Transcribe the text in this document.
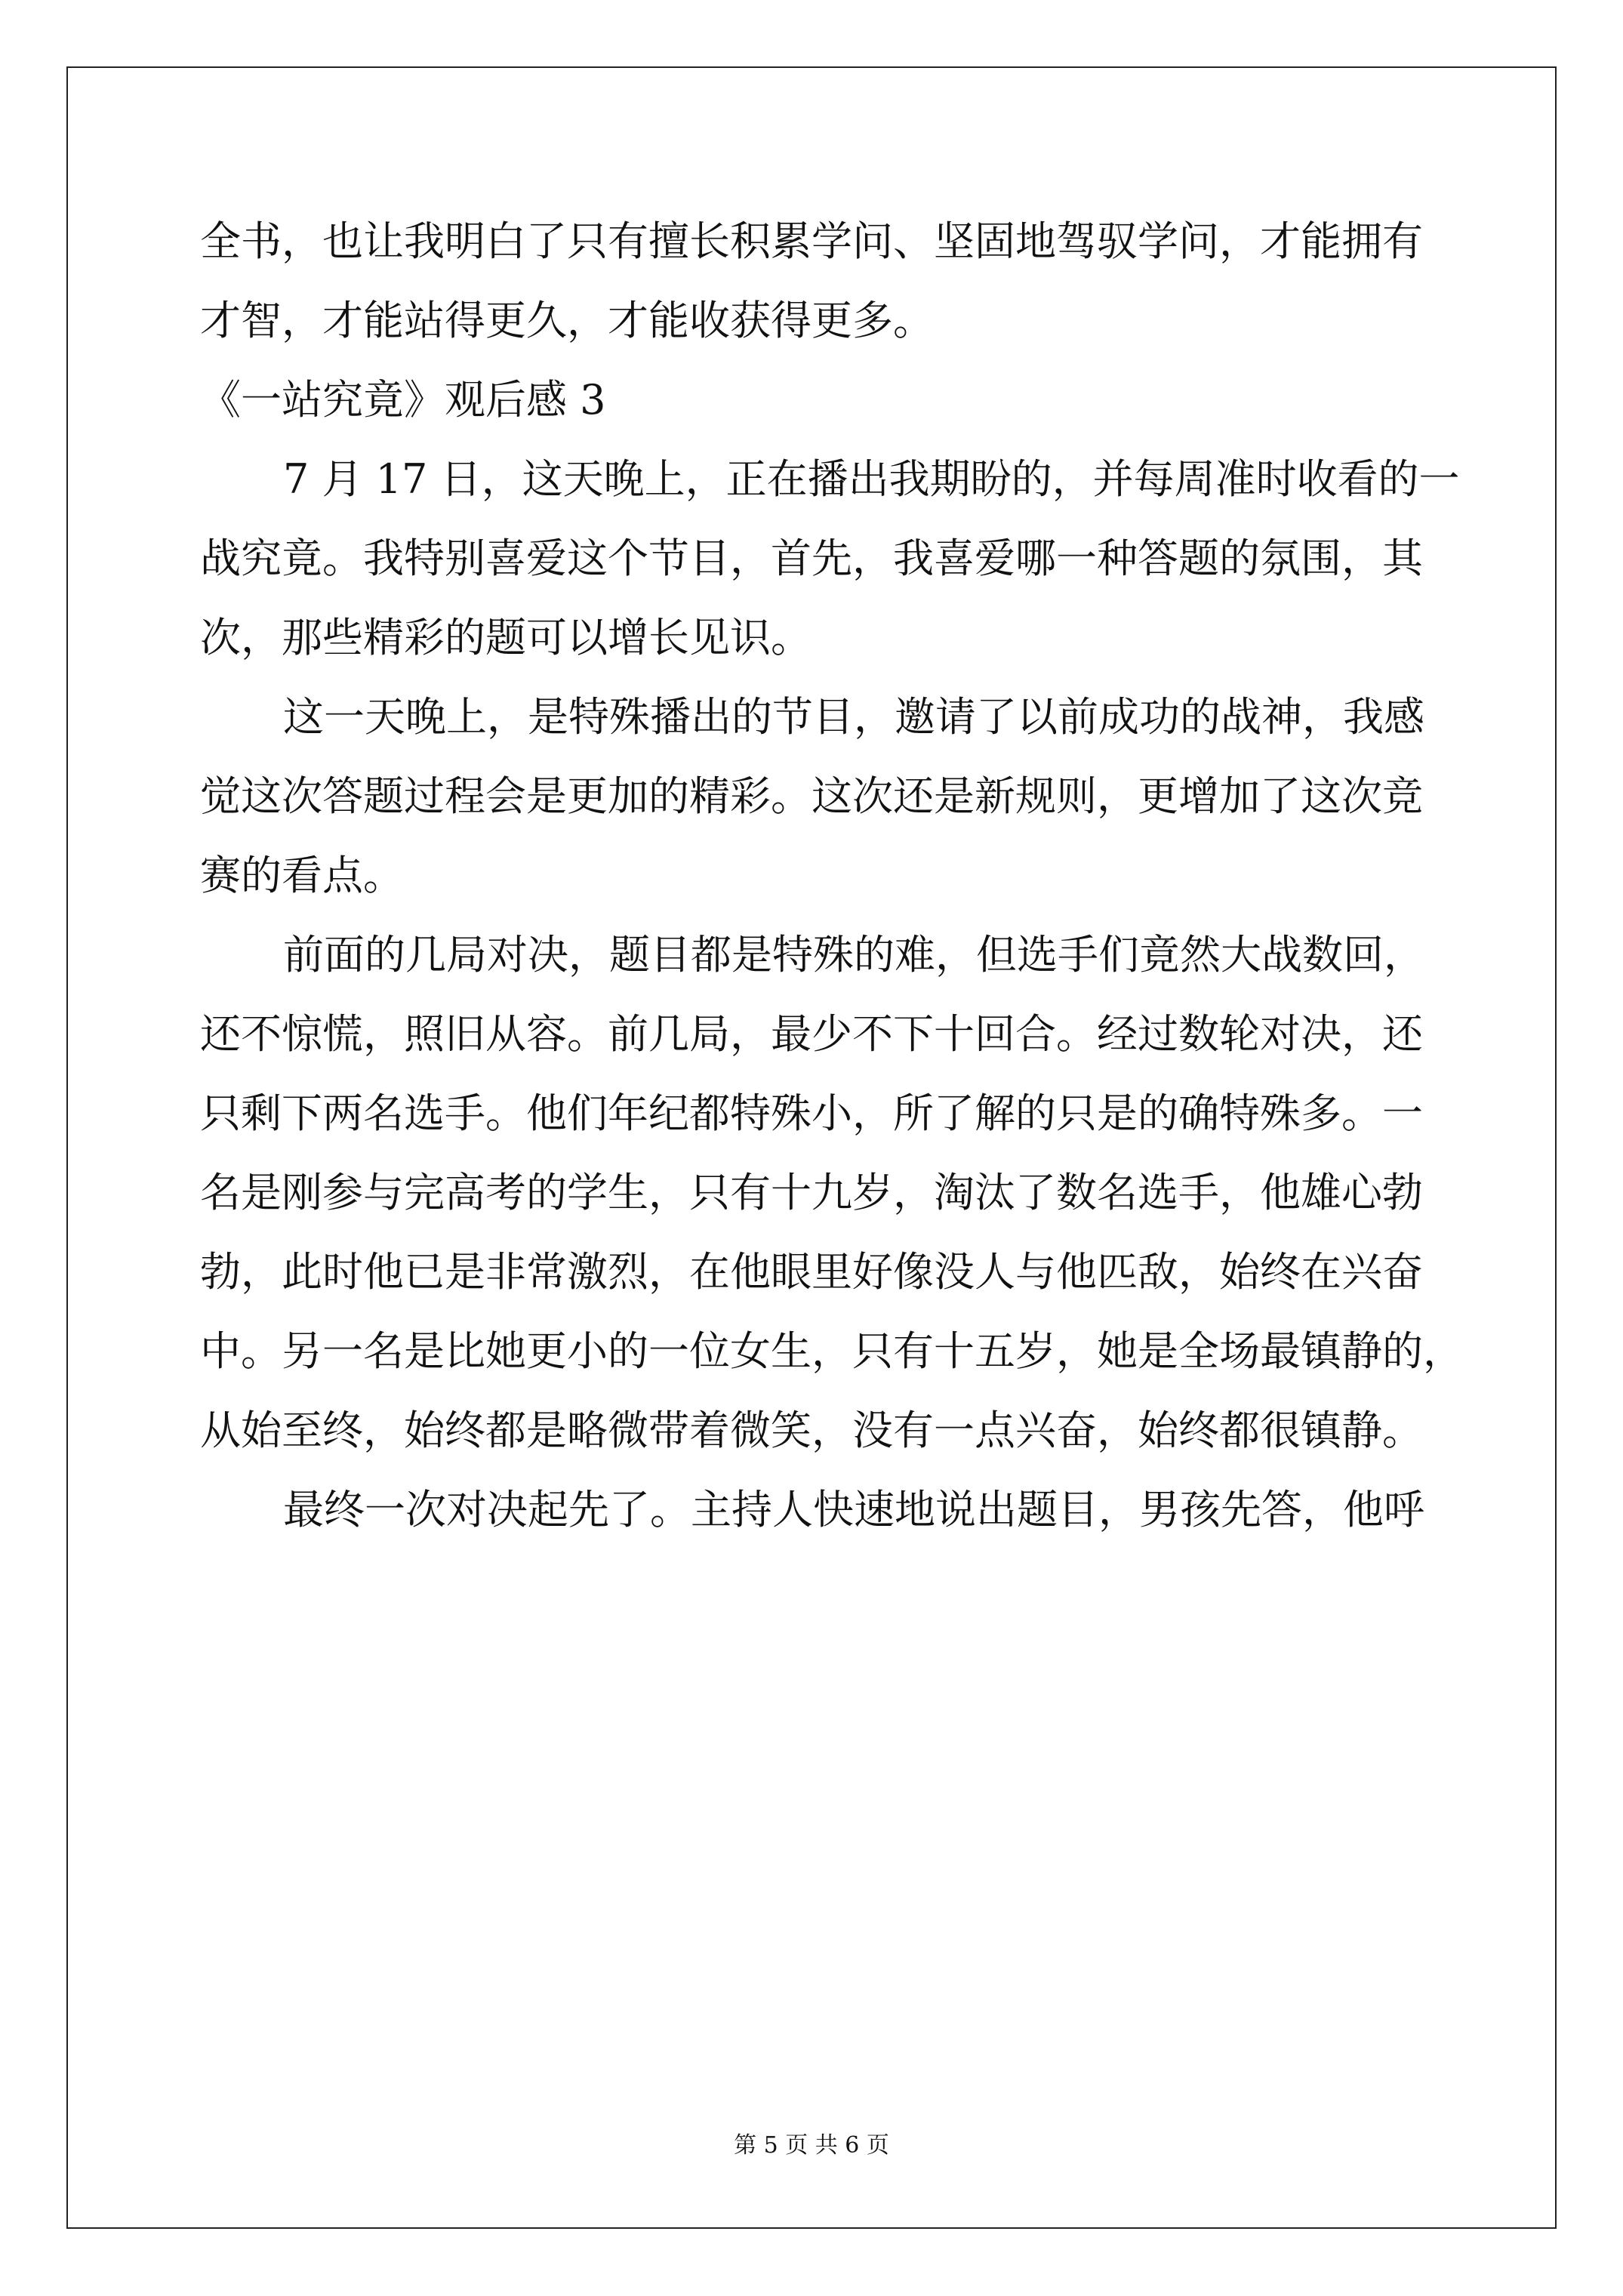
全书，也让我明白了只有擅长积累学问、坚固地驾驭学问，才能拥有
才智，才能站得更久，才能收获得更多。
《一站究竟》观后感 3
7 月 17 日，这天晚上，正在播出我期盼的，并每周准时收看的一
战究竟。我特别喜爱这个节目，首先，我喜爱哪一种答题的氛围，其
次，那些精彩的题可以增长见识。
这一天晚上，是特殊播出的节目，邀请了以前成功的战神，我感
觉这次答题过程会是更加的精彩。这次还是新规则，更增加了这次竞
赛的看点。
前面的几局对决，题目都是特殊的难，但选手们竟然大战数回，
还不惊慌，照旧从容。前几局，最少不下十回合。经过数轮对决，还
只剩下两名选手。他们年纪都特殊小，所了解的只是的确特殊多。一
名是刚参与完高考的学生，只有十九岁，淘汰了数名选手，他雄心勃
勃，此时他已是非常激烈，在他眼里好像没人与他匹敌，始终在兴奋
中。另一名是比她更小的一位女生，只有十五岁，她是全场最镇静的，
从始至终，始终都是略微带着微笑，没有一点兴奋，始终都很镇静。
最终一次对决起先了。主持人快速地说出题目，男孩先答，他呼
第 5 页 共 6 页
